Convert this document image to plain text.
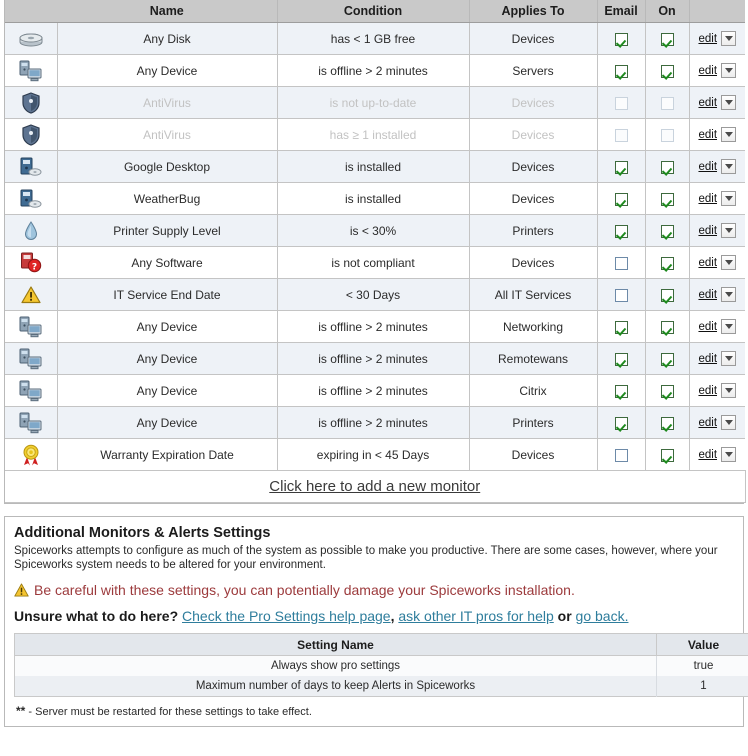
	Name	Condition	Applies To	Email	On	

	Any Disk	has < 1 GB free	Devices			edit

	Any Device	is offline > 2 minutes	Servers			edit

	AntiVirus	is not up-to-date	Devices			edit

	AntiVirus	has ≥ 1 installed	Devices			edit

	Google Desktop	is installed	Devices			edit

	WeatherBug	is installed	Devices			edit

	Printer Supply Level	is < 30%	Printers			edit

?	Any Software	is not compliant	Devices			edit

	IT Service End Date	< 30 Days	All IT Services			edit

	Any Device	is offline > 2 minutes	Networking			edit

	Any Device	is offline > 2 minutes	Remotewans			edit

	Any Device	is offline > 2 minutes	Citrix			edit

	Any Device	is offline > 2 minutes	Printers			edit

	Warranty Expiration Date	expiring in < 45 Days	Devices			edit

Click here to add a new monitor						
Additional Monitors & Alerts Settings
Spiceworks attempts to configure as much of the system as possible to make you productive. There are some cases, however, where your Spiceworks system needs to be altered for your environment.
Be careful with these settings, you can potentially damage your Spiceworks installation.
Unsure what to do here? Check the Pro Settings help page, ask other IT pros for help or go back.
Setting Name	Value
Always show pro settings	true
Maximum number of days to keep Alerts in Spiceworks	1
** - Server must be restarted for these settings to take effect.
